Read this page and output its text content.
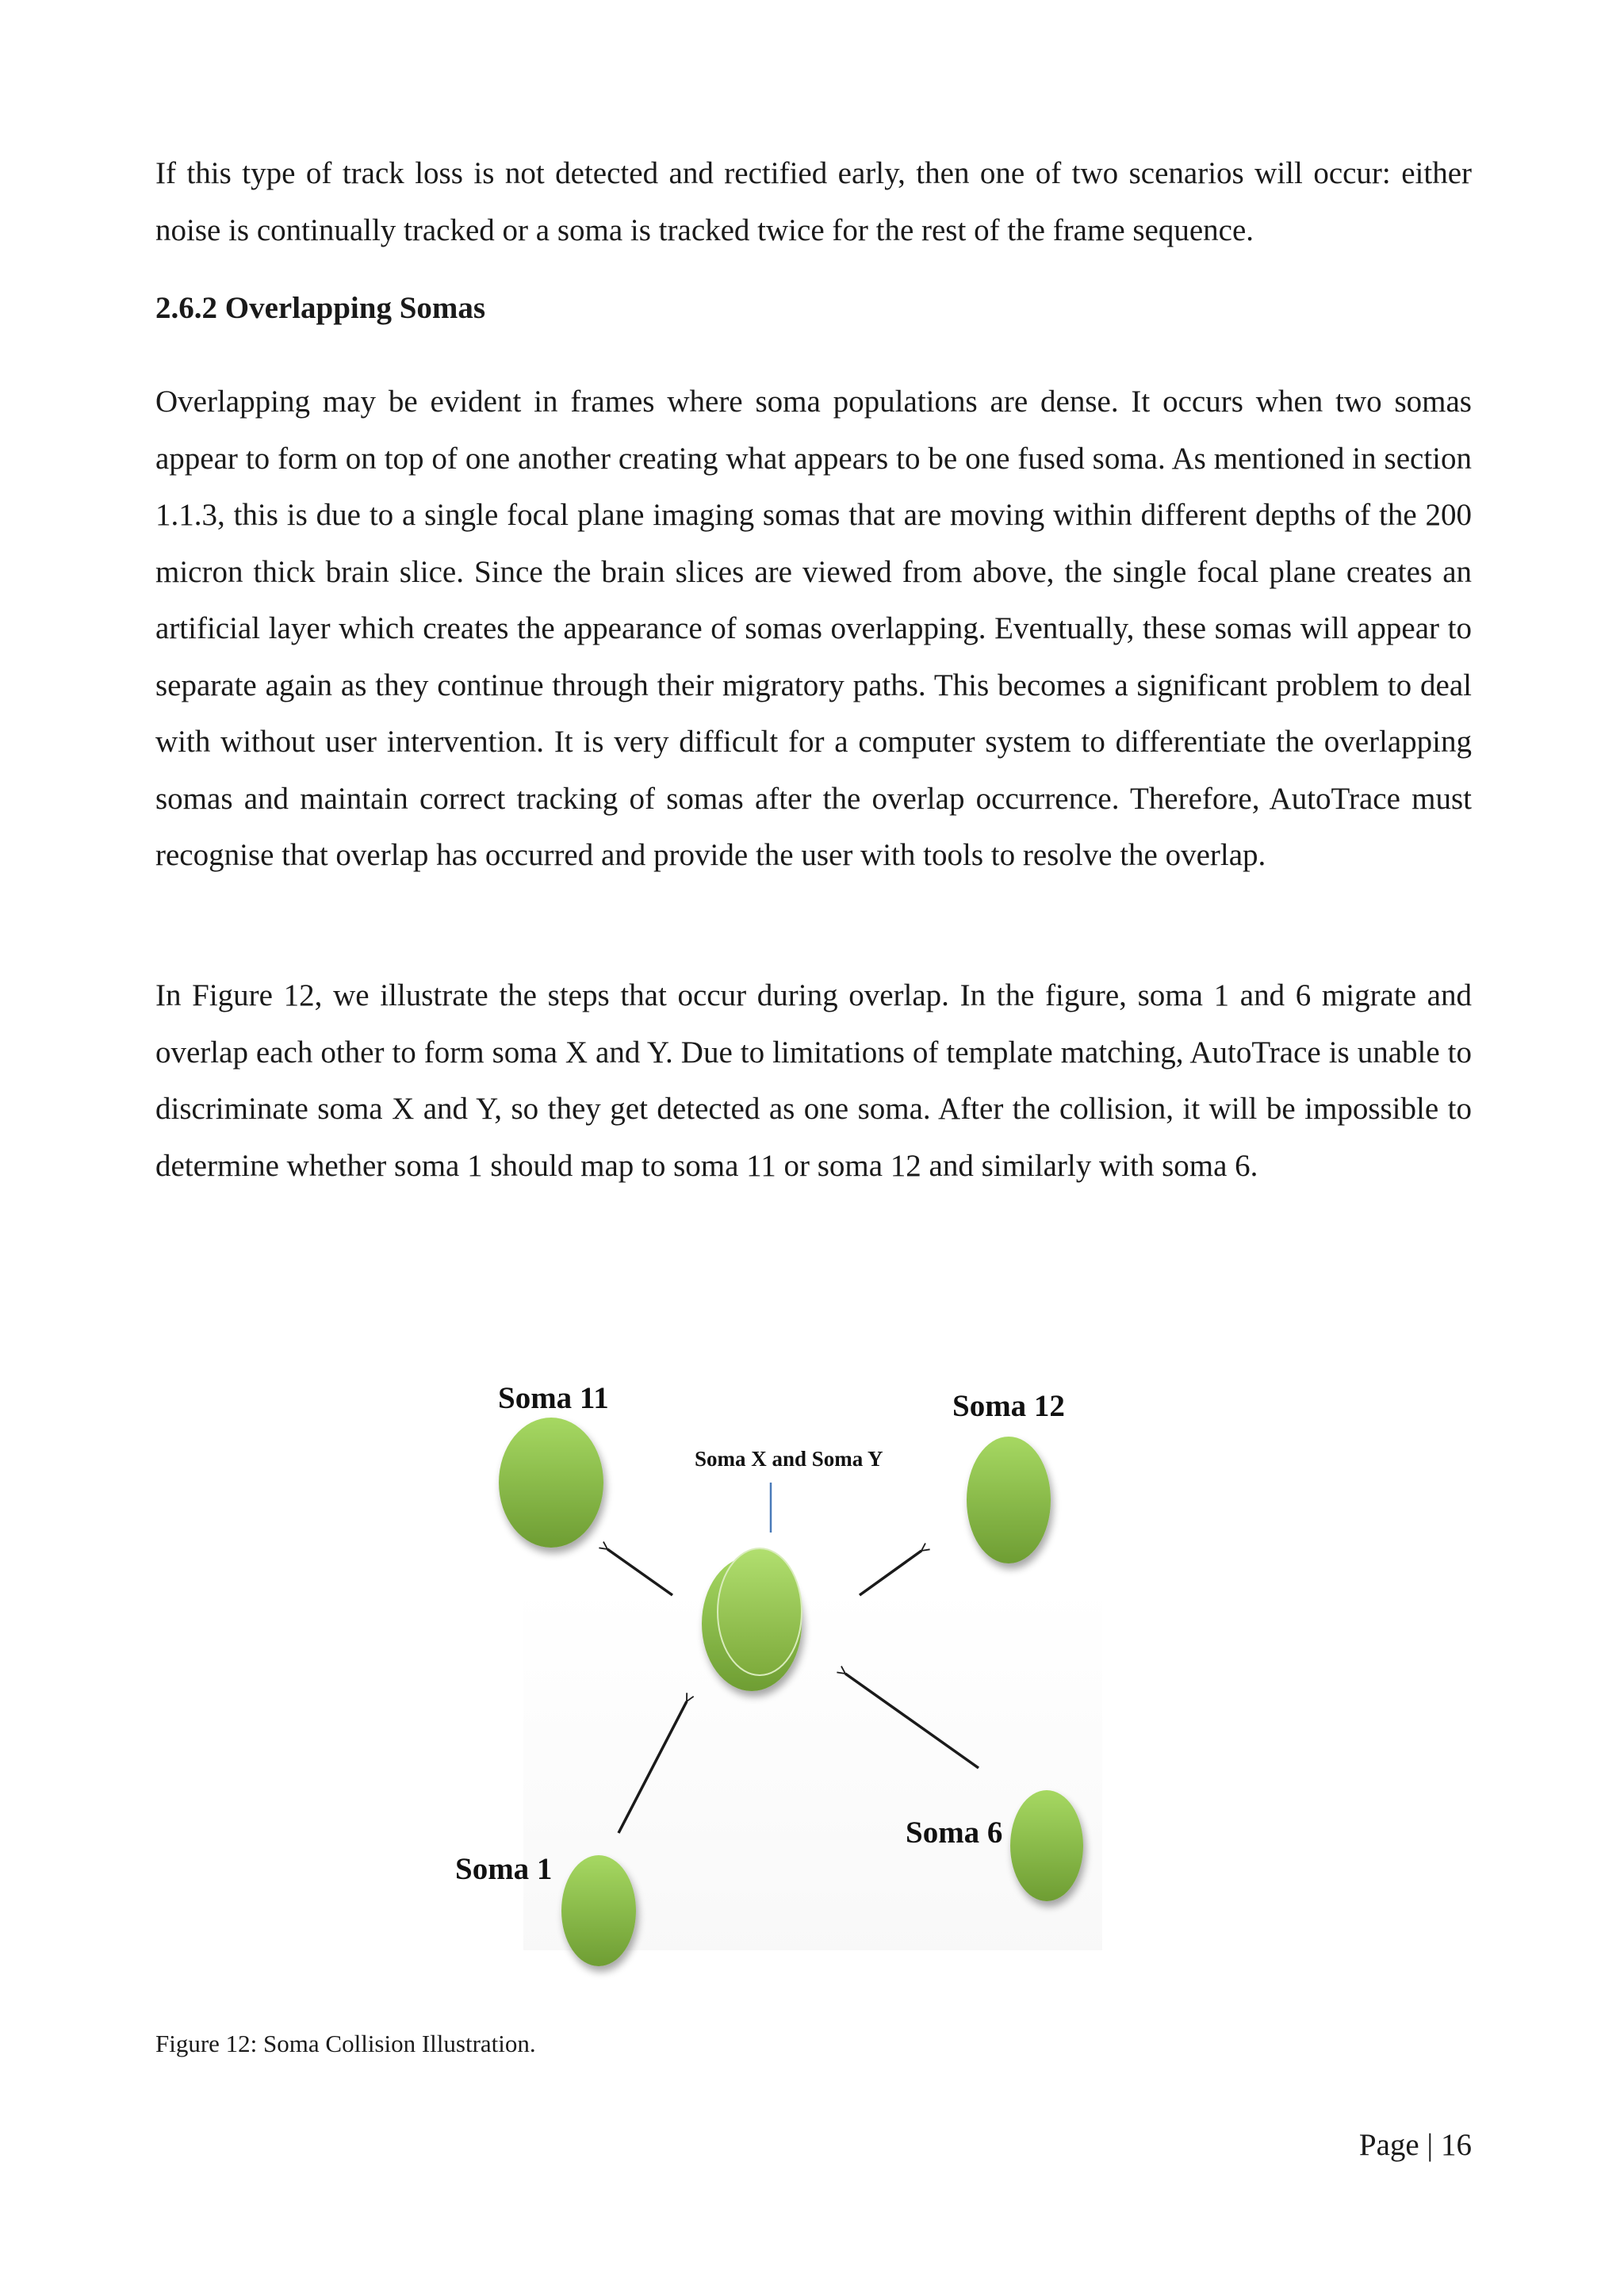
If this type of track loss is not detected and rectified early, then one of two scenarios will occur: either noise is continually tracked or a soma is tracked twice for the rest of the frame sequence.

2.6.2 Overlapping Somas

Overlapping may be evident in frames where soma populations are dense. It occurs when two somas appear to form on top of one another creating what appears to be one fused soma. As mentioned in section 1.1.3, this is due to a single focal plane imaging somas that are moving within different depths of the 200 micron thick brain slice. Since the brain slices are viewed from above, the single focal plane creates an artificial layer which creates the appearance of somas overlapping. Eventually, these somas will appear to separate again as they continue through their migratory paths. This becomes a significant problem to deal with without user intervention. It is very difficult for a computer system to differentiate the overlapping somas and maintain correct tracking of somas after the overlap occurrence. Therefore, AutoTrace must recognise that overlap has occurred and provide the user with tools to resolve the overlap.

In Figure 12, we illustrate the steps that occur during overlap. In the figure, soma 1 and 6 migrate and overlap each other to form soma X and Y. Due to limitations of template matching, AutoTrace is unable to discriminate soma X and Y, so they get detected as one soma. After the collision, it will be impossible to determine whether soma 1 should map to soma 11 or soma 12 and similarly with soma 6.

Soma 11	Soma 12
Soma X and Soma Y
Soma 1
Soma 6

Figure 12: Soma Collision Illustration.

Page | 16
